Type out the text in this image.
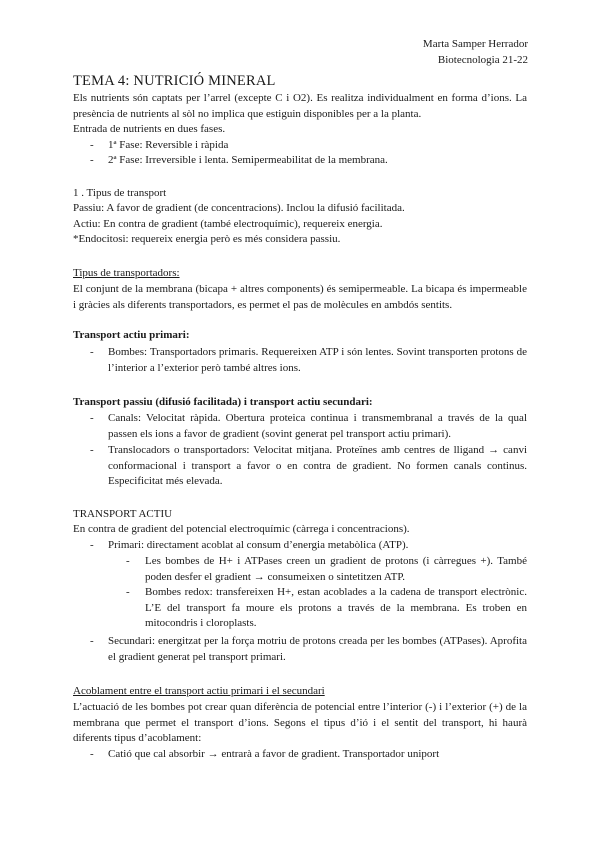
Marta Samper Herrador
Biotecnologia 21-22
TEMA 4: NUTRICIÓ MINERAL
Els nutrients són captats per l’arrel (excepte C i O2). Es realitza individualment en forma d’ions. La presència de nutrients al sòl no implica que estiguin disponibles per a la planta.
Entrada de nutrients en dues fases.
- 1ª Fase: Reversible i ràpida
- 2ª Fase: Irreversible i lenta. Semipermeabilitat de la membrana.
1 . Tipus de transport
Passiu: A favor de gradient (de concentracions). Inclou la difusió facilitada.
Actiu: En contra de gradient (també electroquímic), requereix energia.
*Endocitosi: requereix energia però es més considera passiu.
Tipus de transportadors:
El conjunt de la membrana (bicapa + altres components) és semipermeable. La bicapa és impermeable i gràcies als diferents transportadors, es permet el pas de molècules en ambdós sentits.
Transport actiu primari:
- Bombes: Transportadors primaris. Requereixen ATP i són lentes. Sovint transporten protons de l’interior a l’exterior però també altres ions.
Transport passiu (difusió facilitada) i transport actiu secundari:
- Canals: Velocitat ràpida. Obertura proteica continua i transmembranal a través de la qual passen els ions a favor de gradient (sovint generat pel transport actiu primari).
- Translocadors o transportadors: Velocitat mitjana. Proteïnes amb centres de lligand → canvi conformacional i transport a favor o en contra de gradient. No formen canals continus. Especificitat més elevada.
TRANSPORT ACTIU
En contra de gradient del potencial electroquímic (càrrega i concentracions).
- Primari: directament acoblat al consum d’energia metabòlica (ATP).
- Les bombes de H+ i ATPases creen un gradient de protons (i càrregues +). També poden desfer el gradient → consumeixen o sintetitzen ATP.
- Bombes redox: transfereixen H+, estan acoblades a la cadena de transport electrònic. L’E del transport fa moure els protons a través de la membrana. Es troben en mitocondris i cloroplasts.
- Secundari: energitzat per la força motriu de protons creada per les bombes (ATPases). Aprofita el gradient generat pel transport primari.
Acoblament entre el transport actiu primari i el secundari
L’actuació de les bombes pot crear quan diferència de potencial entre l’interior (-) i l’exterior (+) de la membrana que permet el transport d’ions. Segons el tipus d’ió i el sentit del transport, hi haurà diferents tipus d’acoblament:
- Catió que cal absorbir → entrarà a favor de gradient. Transportador uniport
